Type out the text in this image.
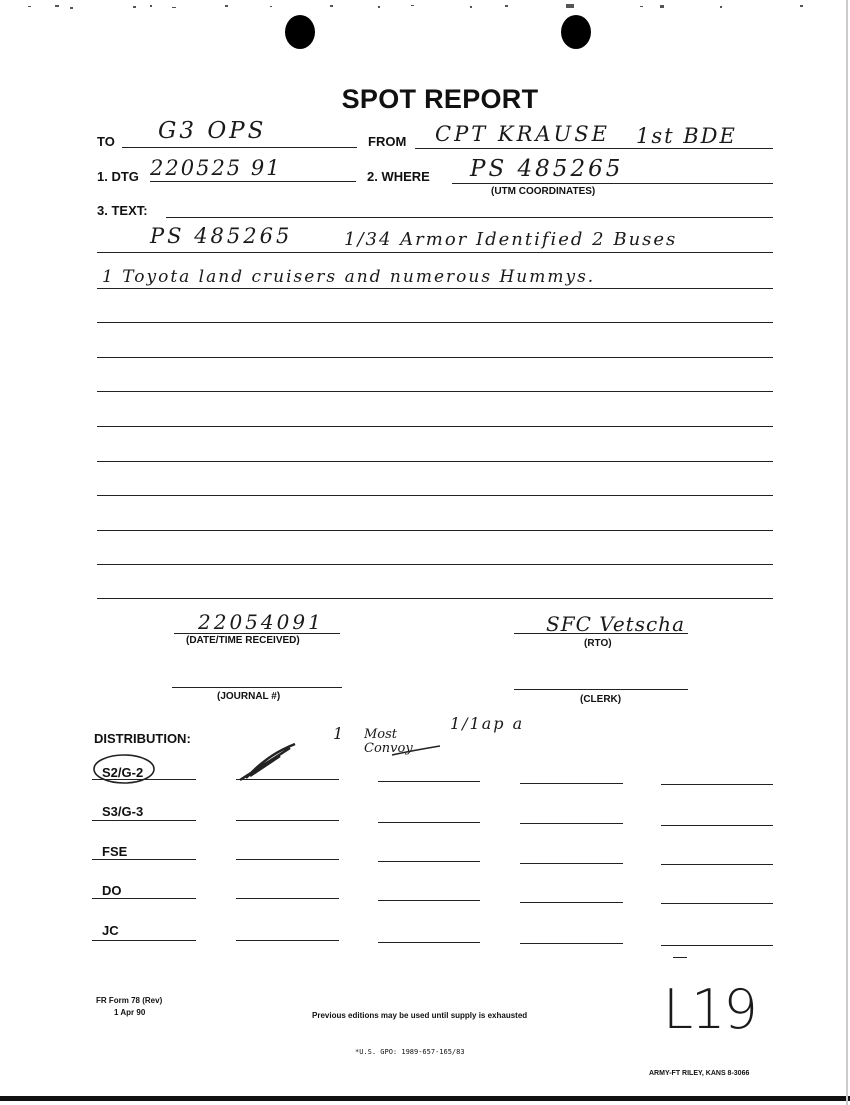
SPOT REPORT
TO G3 OPS	FROM CPT KRAUSE 1st BDE
1. DTG 220525 91	2. WHERE PS 485265
(UTM COORDINATES)
3. TEXT:
PS 485265	1/34 Armor Identified 2 Buses
1 Toyota land cruisers and numerous Hummys.
22054091
(DATE/TIME RECEIVED)
SFC Vetscha
(RTO)
(JOURNAL #)	(CLERK)
DISTRIBUTION:	1 Most Convoy
1/1ap a
S2/G-2
S3/G-3
FSE
DO
JC
FR Form 78 (Rev)
1 Apr 90	Previous editions may be used until supply is exhausted
*U.S. GPO: 1989-657-165/83
ARMY-FT RILEY, KANS 8-3066
L19
